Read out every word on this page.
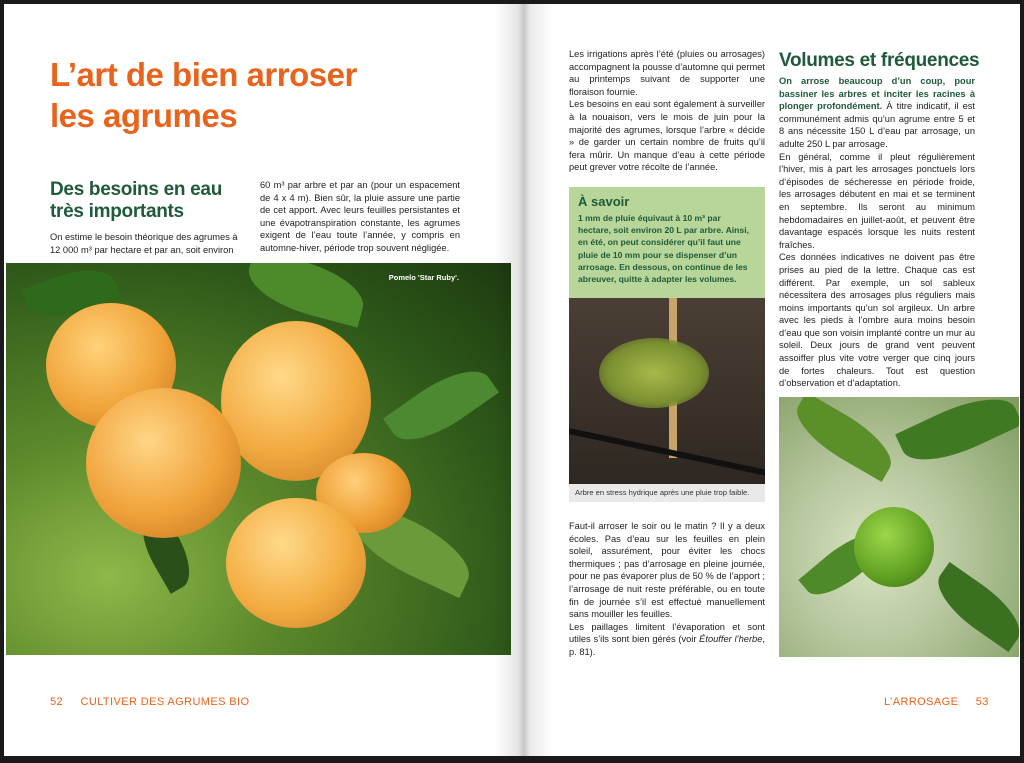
L’art de bien arroser
les agrumes
Des besoins en eau
très importants

On estime le besoin théorique des agrumes à 12 000 m³ par hectare et par an, soit environ

60 m³ par arbre et par an (pour un espacement de 4 x 4 m). Bien sûr, la pluie assure une partie de cet apport. Avec leurs feuilles persistantes et une évapotranspiration constante, les agrumes exigent de l’eau toute l’année, y compris en automne-hiver, période trop souvent négligée.

Pomelo 'Star Ruby'.
52 CULTIVER DES AGRUMES BIO

Les irrigations après l’été (pluies ou arrosages) accompagnent la pousse d’automne qui permet au printemps suivant de supporter une floraison fournie.

Les besoins en eau sont également à surveiller à la nouaison, vers le mois de juin pour la majorité des agrumes, lorsque l’arbre « décide » de garder un certain nombre de fruits qu’il fera mûrir. Un manque d’eau à cette période peut grever votre récolte de l’année.

À savoir

1 mm de pluie équivaut à 10 m³ par hectare, soit environ 20 L par arbre. Ainsi, en été, on peut considérer qu’il faut une pluie de 10 mm pour se dispenser d’un arrosage. En dessous, on continue de les abreuver, quitte à adapter les volumes.

Arbre en stress hydrique après une pluie trop faible.

Faut-il arroser le soir ou le matin ? Il y a deux écoles. Pas d’eau sur les feuilles en plein soleil, assurément, pour éviter les chocs thermiques ; pas d’arrosage en pleine journée, pour ne pas évaporer plus de 50 % de l’apport ; l’arrosage de nuit reste préférable, ou en toute fin de journée s’il est effectué manuellement sans mouiller les feuilles.

Les paillages limitent l’évaporation et sont utiles s’ils sont bien gérés (voir Étouffer l’herbe, p. 81).

Volumes et fréquences

On arrose beaucoup d’un coup, pour bassiner les arbres et inciter les racines à plonger profondément. À titre indicatif, il est communément admis qu’un agrume entre 5 et 8 ans nécessite 150 L d’eau par arrosage, un adulte 250 L par arrosage.

En général, comme il pleut régulièrement l’hiver, mis à part les arrosages ponctuels lors d’épisodes de sécheresse en période froide, les arrosages débutent en mai et se terminent en septembre. Ils seront au minimum hebdomadaires en juillet-août, et peuvent être davantage espacés lorsque les nuits restent fraîches.

Ces données indicatives ne doivent pas être prises au pied de la lettre. Chaque cas est différent. Par exemple, un sol sableux nécessitera des arrosages plus réguliers mais moins importants qu’un sol argileux. Un arbre avec les pieds à l’ombre aura moins besoin d’eau que son voisin implanté contre un mur au soleil. Deux jours de grand vent peuvent assoiffer plus vite votre verger que cinq jours de fortes chaleurs. Tout est question d’observation et d’adaptation.

L’ARROSAGE 53
